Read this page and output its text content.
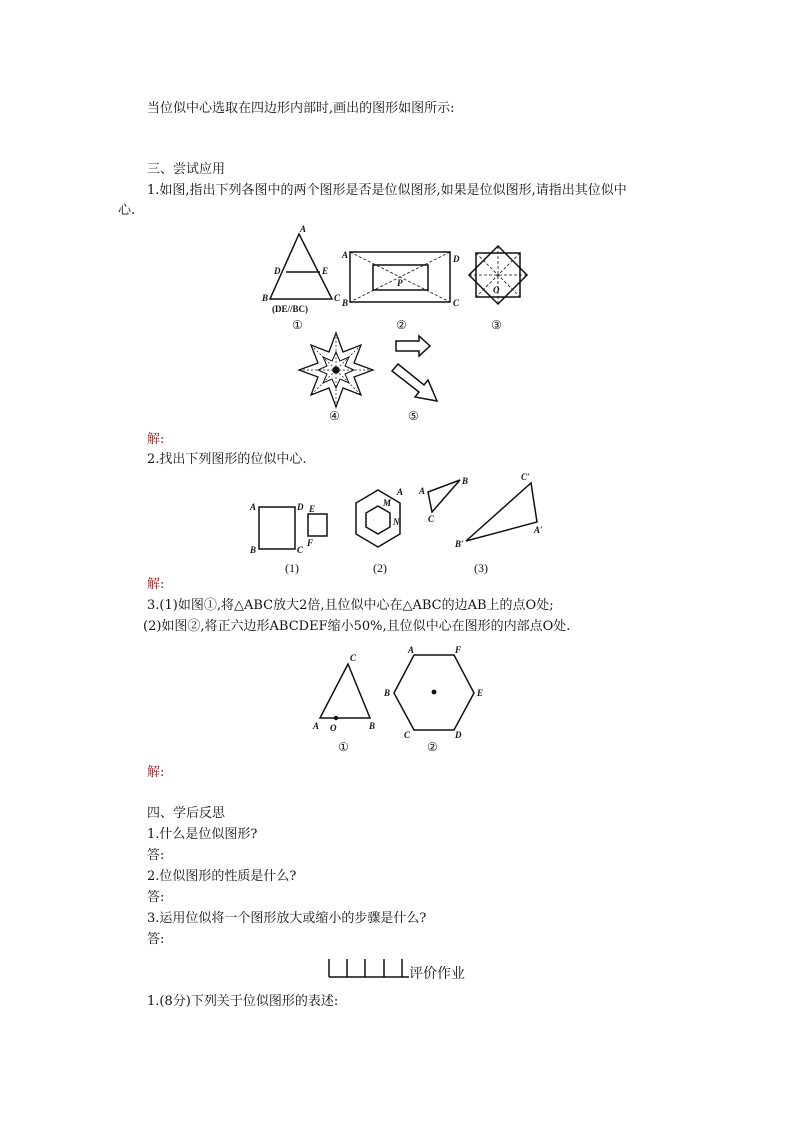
当位似中心选取在四边形内部时,画出的图形如图所示:
三、尝试应用
1.如图,指出下列各图中的两个图形是否是位似图形,如果是位似图形,请指出其位似中
心.
A
D	E
B	C
(DE//BC)
①
A	D
P
B	C
②
O
③
④	⑤
解:
2.找出下列图形的位似中心.
A	D E
F
B	C
(1)
A
M
N
(2)
A
B
C
C′
A′
B′
(3)
解:
3.(1)如图①,将△ABC放大2倍,且位似中心在△ABC的边AB上的点O处;
(2)如图②,将正六边形ABCDEF缩小50%,且位似中心在图形的内部点O处.
C
A O	B
①
A	F
B	E
C	D
②
解:
四、学后反思
1.什么是位似图形?
答:
2.位似图形的性质是什么?
答:
3.运用位似将一个图形放大或缩小的步骤是什么?
答:
评价作业
1.(8分)下列关于位似图形的表述:
